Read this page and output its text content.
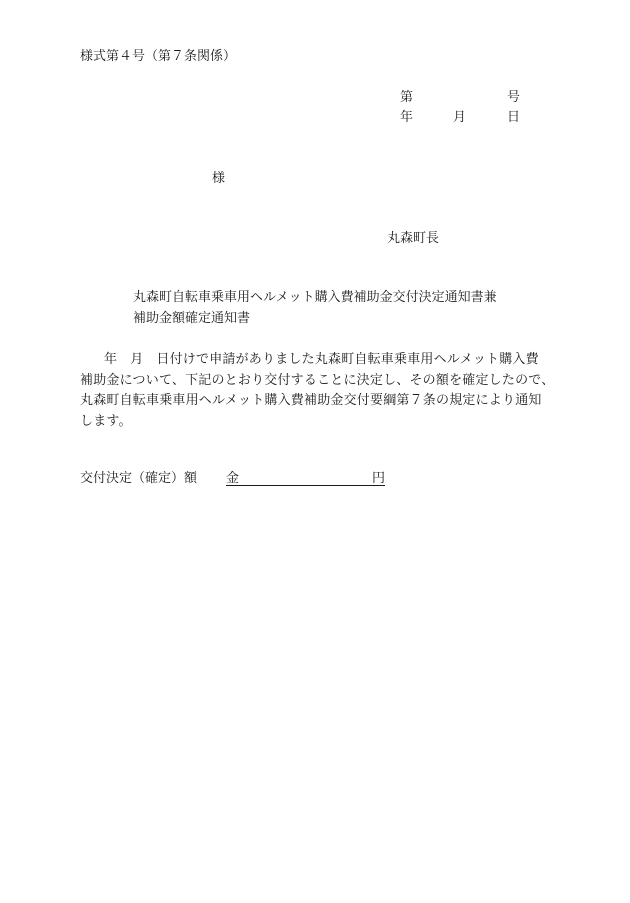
様式第４号（第７条関係）
第	号
年	月	日
様
丸森町長
丸森町自転車乗車用ヘルメット購入費補助金交付決定通知書兼
補助金額確定通知書
年 月 日付けで申請がありました丸森町自転車乗車用ヘルメット購入費
補助金について、下記のとおり交付することに決定し、その額を確定したので、
丸森町自転車乗車用ヘルメット購入費補助金交付要綱第７条の規定により通知
します。
交付決定（確定）額 金	円
